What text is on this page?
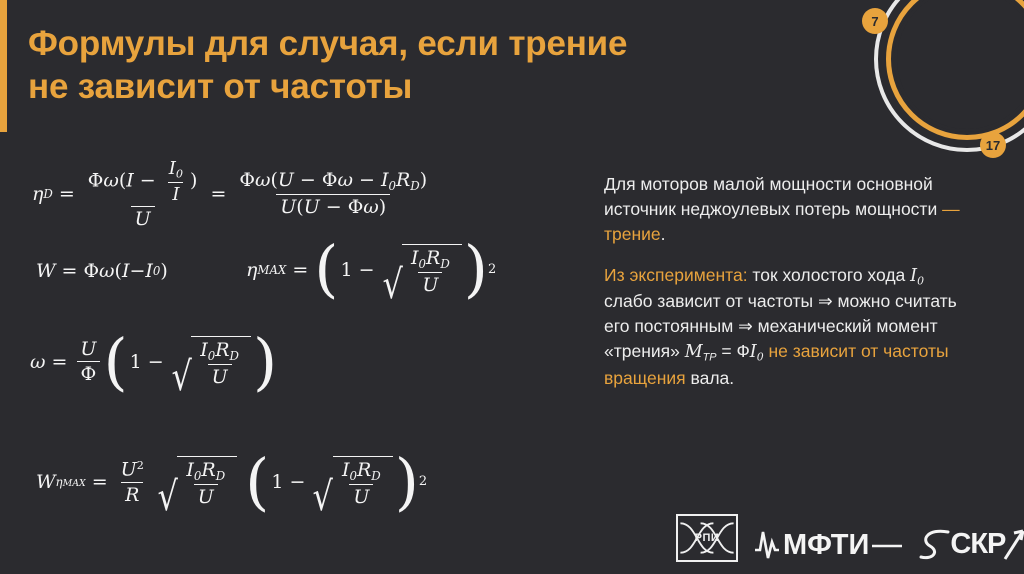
Формулы для случая, если трение не зависит от частоты
7
17
η D =
$\Phi\omega(I - \frac{I_0}{I}$ )
U
= $\frac{\Phi\omega(U - \Phi\omega - I_0R_D)}{U(U - \Phi\omega)}$
W = Φ ω ( I − I 0 )	η MAX = ( 1 − √ $\frac{I_0R_D}{U}$ ) 2
$\omega = \frac{U}{Ф}$ ( 1 − √ $\frac{I_0R_D}{U}$ )
W $\eta MAX = \frac{U^2}{R}$ √ $\frac{I_0R_D}{U}$ ( 1 − √ $\frac{I_0R_D}{U}$ ) 2

Для моторов малой мощности основной источник неджоулевых потерь мощности — трение.

Из эксперимента: ток холостого хода $I_0$ слабо зависит от частоты ⇒ можно считать его постоянным ⇒ механический момент «трения» $M_{ТР} = ФI_0$ не зависит от частоты вращения вала.

РПИ МФТИ	СКР
